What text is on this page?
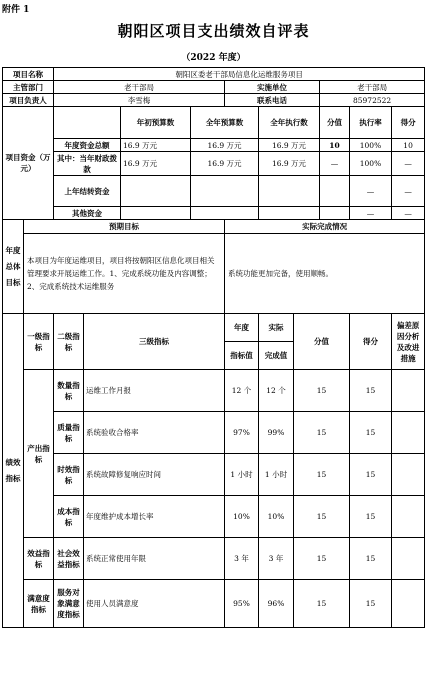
附件 1
朝阳区项目支出绩效自评表
（2022 年度）
项目名称		朝阳区委老干部局信息化运维服务项目									
主管部门		老干部局				实施单位			老干部局		
项目负责人		李雪梅				联系电话			85972522		
项目资金（万元）				年初预算数	全年预算数		全年执行数		分值	执行率	得分
		年度资金总额		16.9 万元	16.9 万元		16.9 万元		10	100%	10
		其中：当年财政拨款		16.9 万元	16.9 万元		16.9 万元		—	100%	—
		上年结转资金								—	—
		其他资金								—	—
年度总体目标	预期目标					实际完成情况					
	本项目为年度运维项目，项目将按朝阳区信息化项目相关管理要求开展运维工作。1、完成系统功能及内容调整；2、完成系统技术运维服务					系统功能更加完备，使用顺畅。					
绩效指标	一级指标	二级指标	三级指标			年度	实际	分值		得分	偏差原因分析及改进措施
						指标值	完成值				
	产出指标	数量指标	运维工作月报			12 个	12 个	15		15	
		质量指标	系统验收合格率			97%	99%	15		15	
		时效指标	系统故障修复响应时间			1 小时	1 小时	15		15	
		成本指标	年度维护成本增长率			10%	10%	15		15	
	效益指标	社会效益指标	系统正常使用年限			3 年	3 年	15		15	
	满意度指标	服务对象满意度指标	使用人员满意度			95%	96%	15		15	
